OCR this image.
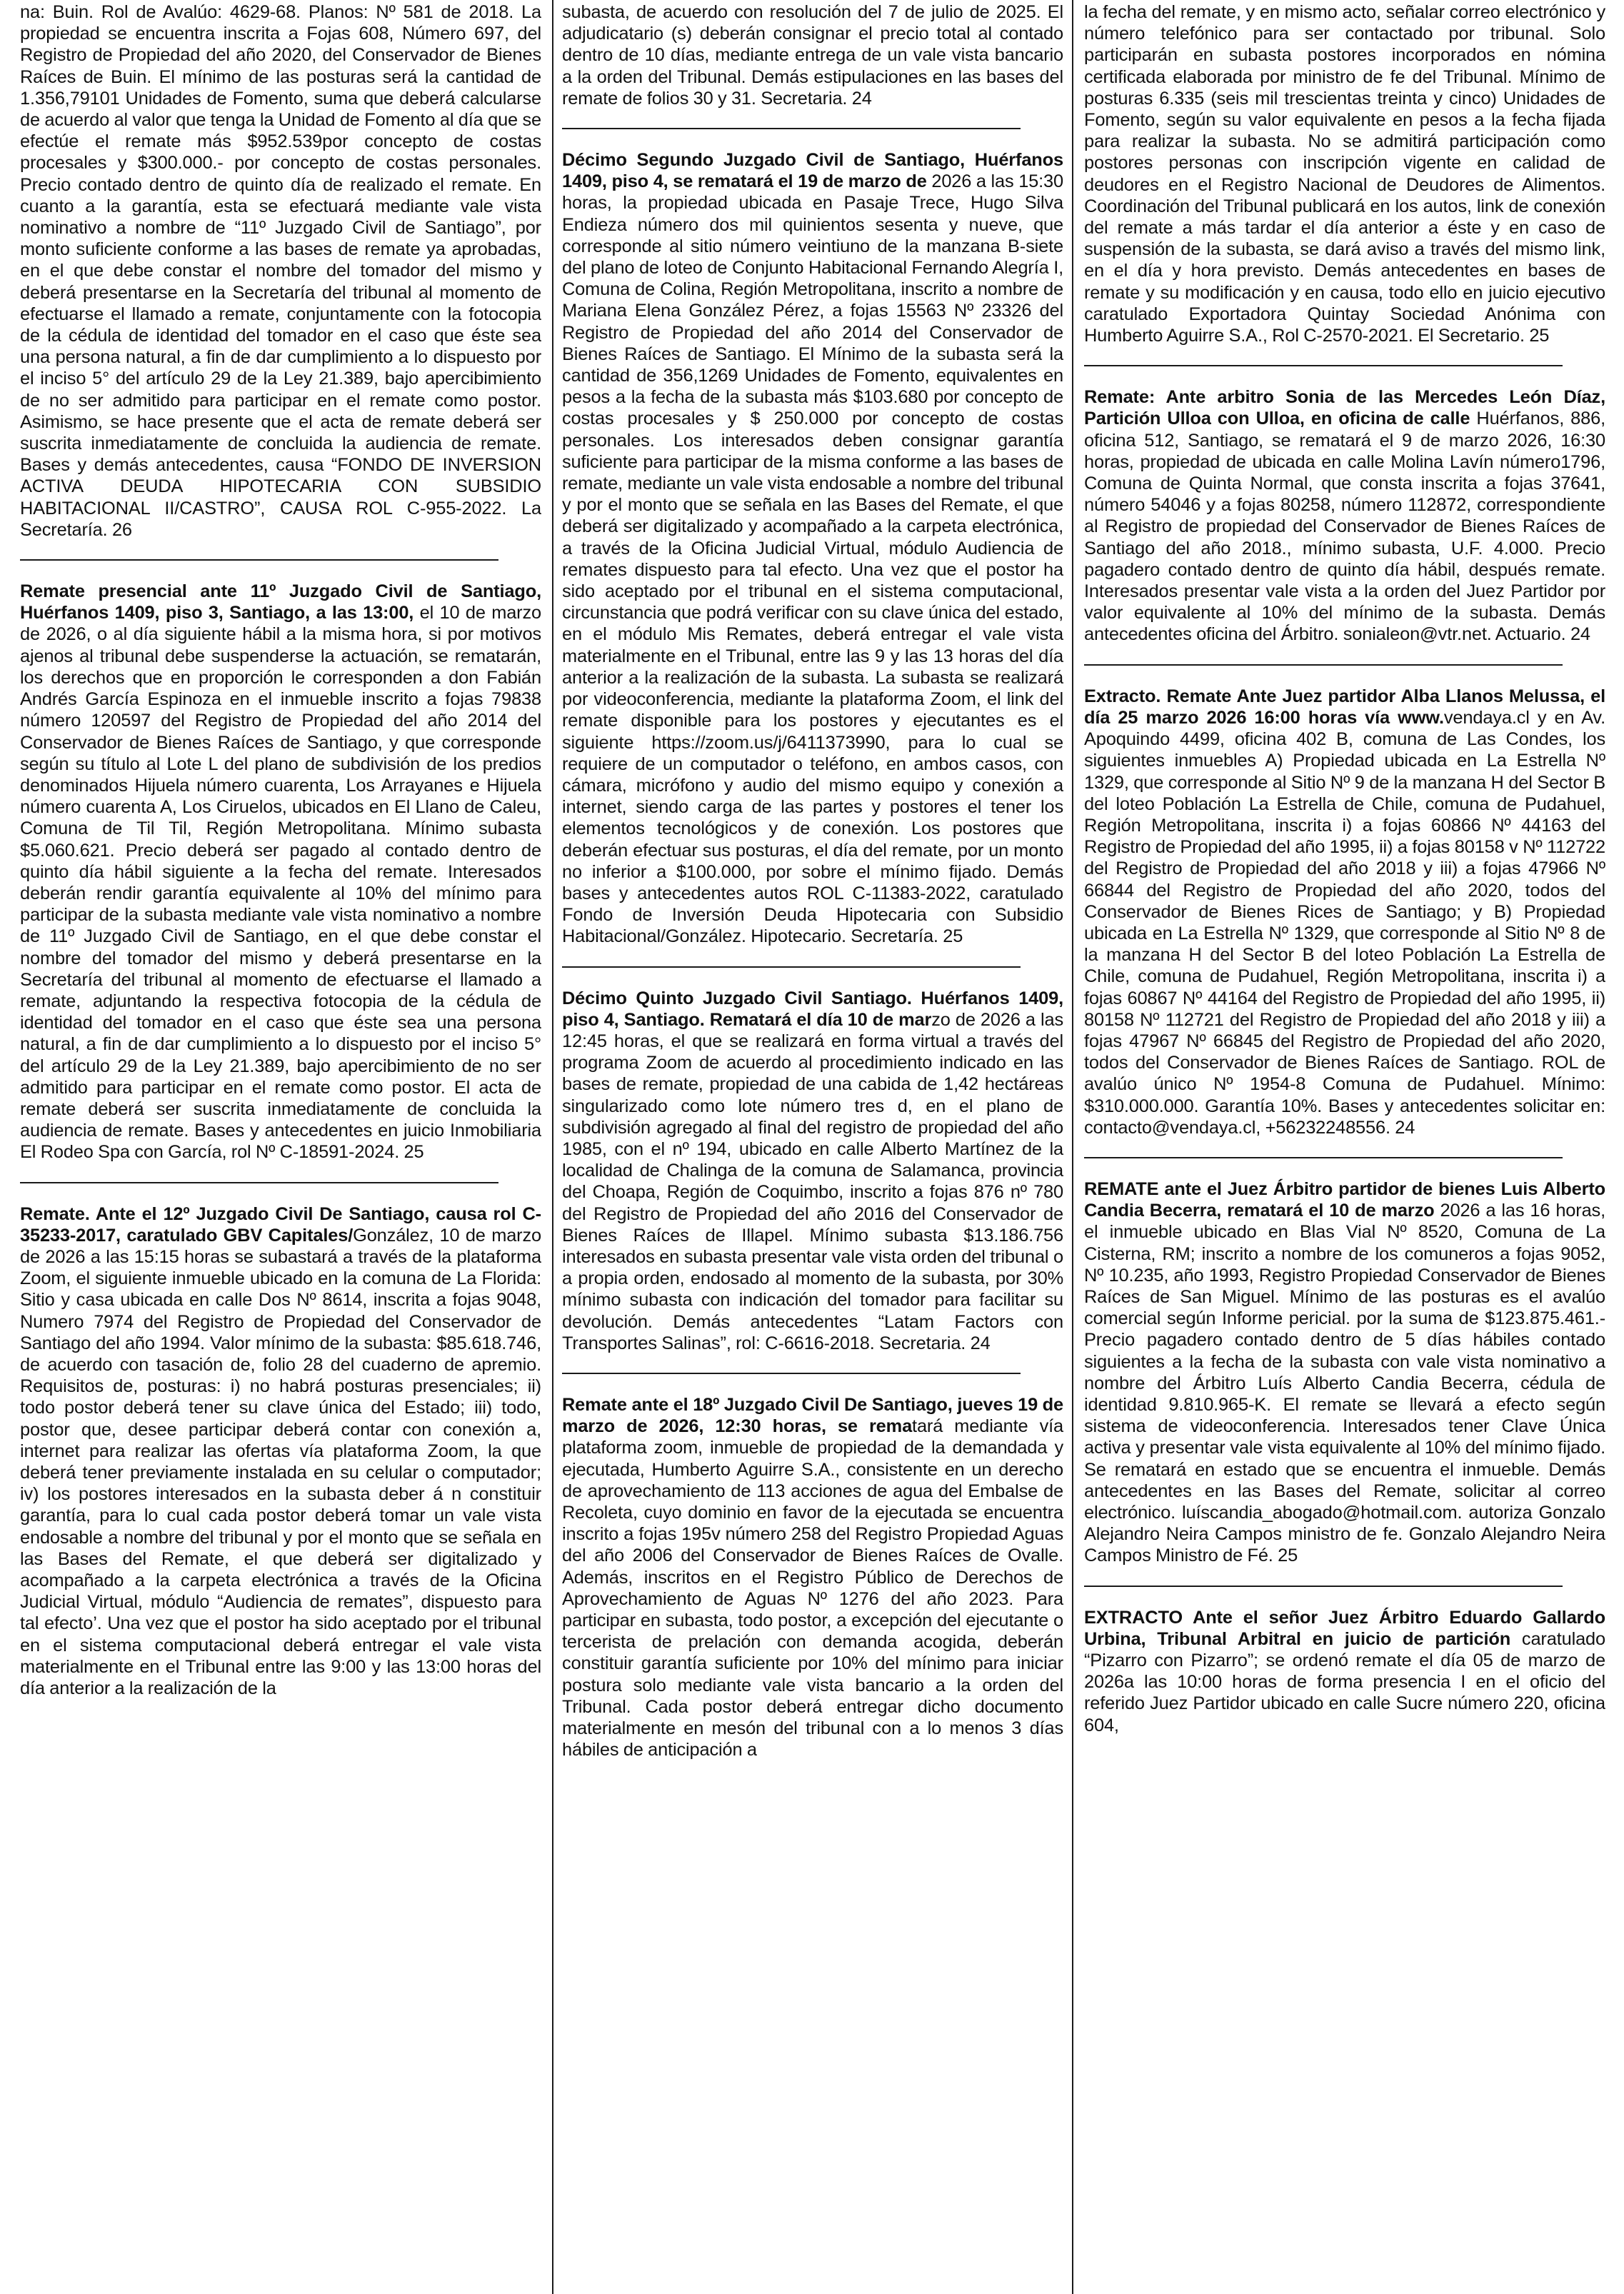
na: Buin. Rol de Avalúo: 4629-68. Planos: Nº 581 de 2018. La propiedad se encuentra inscrita a Fojas 608, Número 697, del Registro de Propiedad del año 2020, del Conservador de Bienes Raíces de Buin. El mínimo de las posturas será la cantidad de 1.356,79101 Unidades de Fomento, suma que deberá calcularse de acuerdo al valor que tenga la Unidad de Fomento al día que se efectúe el remate más $952.539por concepto de costas procesales y $300.000.- por concepto de costas personales. Precio contado dentro de quinto día de realizado el remate. En cuanto a la garantía, esta se efectuará mediante vale vista nominativo a nombre de “11º Juzgado Civil de Santiago”, por monto suficiente conforme a las bases de remate ya aprobadas, en el que debe constar el nombre del tomador del mismo y deberá presentarse en la Secretaría del tribunal al momento de efectuarse el llamado a remate, conjuntamente con la fotocopia de la cédula de identidad del tomador en el caso que éste sea una persona natural, a fin de dar cumplimiento a lo dispuesto por el inciso 5° del artículo 29 de la Ley 21.389, bajo apercibimiento de no ser admitido para participar en el remate como postor. Asimismo, se hace presente que el acta de remate deberá ser suscrita inmediatamente de concluida la audiencia de remate. Bases y demás antecedentes, causa “FONDO DE INVERSION ACTIVA DEUDA HIPOTECARIA CON SUBSIDIO HABITACIONAL II/CASTRO”, CAUSA ROL C-955-2022. La Secretaría. 26

Remate presencial ante 11º Juzgado Civil de Santiago, Huérfanos 1409, piso 3, Santiago, a las 13:00, el 10 de marzo de 2026, o al día siguiente hábil a la misma hora, si por motivos ajenos al tribunal debe suspenderse la actuación, se rematarán, los derechos que en proporción le corresponden a don Fabián Andrés García Espinoza en el inmueble inscrito a fojas 79838 número 120597 del Registro de Propiedad del año 2014 del Conservador de Bienes Raíces de Santiago, y que corresponde según su título al Lote L del plano de subdivisión de los predios denominados Hijuela número cuarenta, Los Arrayanes e Hijuela número cuarenta A, Los Ciruelos, ubicados en El Llano de Caleu, Comuna de Til Til, Región Metropolitana. Mínimo subasta $5.060.621. Precio deberá ser pagado al contado dentro de quinto día hábil siguiente a la fecha del remate. Interesados deberán rendir garantía equivalente al 10% del mínimo para participar de la subasta mediante vale vista nominativo a nombre de 11º Juzgado Civil de Santiago, en el que debe constar el nombre del tomador del mismo y deberá presentarse en la Secretaría del tribunal al momento de efectuarse el llamado a remate, adjuntando la respectiva fotocopia de la cédula de identidad del tomador en el caso que éste sea una persona natural, a fin de dar cumplimiento a lo dispuesto por el inciso 5° del artículo 29 de la Ley 21.389, bajo apercibimiento de no ser admitido para participar en el remate como postor. El acta de remate deberá ser suscrita inmediatamente de concluida la audiencia de remate. Bases y antecedentes en juicio Inmobiliaria El Rodeo Spa con García, rol Nº C-18591-2024. 25

Remate. Ante el 12º Juzgado Civil De Santiago, causa rol C-35233-2017, caratulado GBV Capitales/González, 10 de marzo de 2026 a las 15:15 horas se subastará a través de la plataforma Zoom, el siguiente inmueble ubicado en la comuna de La Florida: Sitio y casa ubicada en calle Dos Nº 8614, inscrita a fojas 9048, Numero 7974 del Registro de Propiedad del Conservador de Santiago del año 1994. Valor mínimo de la subasta: $85.618.746, de acuerdo con tasación de, folio 28 del cuaderno de apremio. Requisitos de, posturas: i) no habrá posturas presenciales; ii) todo postor deberá tener su clave única del Estado; iii) todo, postor que, desee participar deberá contar con conexión a, internet para realizar las ofertas vía plataforma Zoom, la que deberá tener previamente instalada en su celular o computador; iv) los postores interesados en la subasta deber á n constituir garantía, para lo cual cada postor deberá tomar un vale vista endosable a nombre del tribunal y por el monto que se señala en las Bases del Remate, el que deberá ser digitalizado y acompañado a la carpeta electrónica a través de la Oficina Judicial Virtual, módulo “Audiencia de remates”, dispuesto para tal efecto’. Una vez que el postor ha sido aceptado por el tribunal en el sistema computacional deberá entregar el vale vista materialmente en el Tribunal entre las 9:00 y las 13:00 horas del día anterior a la realización de la

subasta, de acuerdo con resolución del 7 de julio de 2025. El adjudicatario (s) deberán consignar el precio total al contado dentro de 10 días, mediante entrega de un vale vista bancario a la orden del Tribunal. Demás estipulaciones en las bases del remate de folios 30 y 31. Secretaria. 24

Décimo Segundo Juzgado Civil de Santiago, Huérfanos 1409, piso 4, se rematará el 19 de marzo de 2026 a las 15:30 horas, la propiedad ubicada en Pasaje Trece, Hugo Silva Endieza número dos mil quinientos sesenta y nueve, que corresponde al sitio número veintiuno de la manzana B-siete del plano de loteo de Conjunto Habitacional Fernando Alegría I, Comuna de Colina, Región Metropolitana, inscrito a nombre de Mariana Elena González Pérez, a fojas 15563 Nº 23326 del Registro de Propiedad del año 2014 del Conservador de Bienes Raíces de Santiago. El Mínimo de la subasta será la cantidad de 356,1269 Unidades de Fomento, equivalentes en pesos a la fecha de la subasta más $103.680 por concepto de costas procesales y $ 250.000 por concepto de costas personales. Los interesados deben consignar garantía suficiente para participar de la misma conforme a las bases de remate, mediante un vale vista endosable a nombre del tribunal y por el monto que se señala en las Bases del Remate, el que deberá ser digitalizado y acompañado a la carpeta electrónica, a través de la Oficina Judicial Virtual, módulo Audiencia de remates dispuesto para tal efecto. Una vez que el postor ha sido aceptado por el tribunal en el sistema computacional, circunstancia que podrá verificar con su clave única del estado, en el módulo Mis Remates, deberá entregar el vale vista materialmente en el Tribunal, entre las 9 y las 13 horas del día anterior a la realización de la subasta. La subasta se realizará por videoconferencia, mediante la plataforma Zoom, el link del remate disponible para los postores y ejecutantes es el siguiente https://zoom.us/j/6411373990, para lo cual se requiere de un computador o teléfono, en ambos casos, con cámara, micrófono y audio del mismo equipo y conexión a internet, siendo carga de las partes y postores el tener los elementos tecnológicos y de conexión. Los postores que deberán efectuar sus posturas, el día del remate, por un monto no inferior a $100.000, por sobre el mínimo fijado. Demás bases y antecedentes autos ROL C-11383-2022, caratulado Fondo de Inversión Deuda Hipotecaria con Subsidio Habitacional/González. Hipotecario. Secretaría. 25

Décimo Quinto Juzgado Civil Santiago. Huérfanos 1409, piso 4, Santiago. Rematará el día 10 de marzo de 2026 a las 12:45 horas, el que se realizará en forma virtual a través del programa Zoom de acuerdo al procedimiento indicado en las bases de remate, propiedad de una cabida de 1,42 hectáreas singularizado como lote número tres d, en el plano de subdivisión agregado al final del registro de propiedad del año 1985, con el nº 194, ubicado en calle Alberto Martínez de la localidad de Chalinga de la comuna de Salamanca, provincia del Choapa, Región de Coquimbo, inscrito a fojas 876 nº 780 del Registro de Propiedad del año 2016 del Conservador de Bienes Raíces de Illapel. Mínimo subasta $13.186.756 interesados en subasta presentar vale vista orden del tribunal o a propia orden, endosado al momento de la subasta, por 30% mínimo subasta con indicación del tomador para facilitar su devolución. Demás antecedentes “Latam Factors con Transportes Salinas”, rol: C-6616-2018. Secretaria. 24

Remate ante el 18º Juzgado Civil De Santiago, jueves 19 de marzo de 2026, 12:30 horas, se rematará mediante vía plataforma zoom, inmueble de propiedad de la demandada y ejecutada, Humberto Aguirre S.A., consistente en un derecho de aprovechamiento de 113 acciones de agua del Embalse de Recoleta, cuyo dominio en favor de la ejecutada se encuentra inscrito a fojas 195v número 258 del Registro Propiedad Aguas del año 2006 del Conservador de Bienes Raíces de Ovalle. Además, inscritos en el Registro Público de Derechos de Aprovechamiento de Aguas Nº 1276 del año 2023. Para participar en subasta, todo postor, a excepción del ejecutante o tercerista de prelación con demanda acogida, deberán constituir garantía suficiente por 10% del mínimo para iniciar postura solo mediante vale vista bancario a la orden del Tribunal. Cada postor deberá entregar dicho documento materialmente en mesón del tribunal con a lo menos 3 días hábiles de anticipación a

la fecha del remate, y en mismo acto, señalar correo electrónico y número telefónico para ser contactado por tribunal. Solo participarán en subasta postores incorporados en nómina certificada elaborada por ministro de fe del Tribunal. Mínimo de posturas 6.335 (seis mil trescientas treinta y cinco) Unidades de Fomento, según su valor equivalente en pesos a la fecha fijada para realizar la subasta. No se admitirá participación como postores personas con inscripción vigente en calidad de deudores en el Registro Nacional de Deudores de Alimentos. Coordinación del Tribunal publicará en los autos, link de conexión del remate a más tardar el día anterior a éste y en caso de suspensión de la subasta, se dará aviso a través del mismo link, en el día y hora previsto. Demás antecedentes en bases de remate y su modificación y en causa, todo ello en juicio ejecutivo caratulado Exportadora Quintay Sociedad Anónima con Humberto Aguirre S.A., Rol C-2570-2021. El Secretario. 25

Remate: Ante arbitro Sonia de las Mercedes León Díaz, Partición Ulloa con Ulloa, en oficina de calle Huérfanos, 886, oficina 512, Santiago, se rematará el 9 de marzo 2026, 16:30 horas, propiedad de ubicada en calle Molina Lavín número1796, Comuna de Quinta Normal, que consta inscrita a fojas 37641, número 54046 y a fojas 80258, número 112872, correspondiente al Registro de propiedad del Conservador de Bienes Raíces de Santiago del año 2018., mínimo subasta, U.F. 4.000. Precio pagadero contado dentro de quinto día hábil, después remate. Interesados presentar vale vista a la orden del Juez Partidor por valor equivalente al 10% del mínimo de la subasta. Demás antecedentes oficina del Árbitro. sonialeon@vtr.net. Actuario. 24

Extracto. Remate Ante Juez partidor Alba Llanos Melussa, el día 25 marzo 2026 16:00 horas vía www.vendaya.cl y en Av. Apoquindo 4499, oficina 402 B, comuna de Las Condes, los siguientes inmuebles A) Propiedad ubicada en La Estrella Nº 1329, que corresponde al Sitio Nº 9 de la manzana H del Sector B del loteo Población La Estrella de Chile, comuna de Pudahuel, Región Metropolitana, inscrita i) a fojas 60866 Nº 44163 del Registro de Propiedad del año 1995, ii) a fojas 80158 v Nº 112722 del Registro de Propiedad del año 2018 y iii) a fojas 47966 Nº 66844 del Registro de Propiedad del año 2020, todos del Conservador de Bienes Rices de Santiago; y B) Propiedad ubicada en La Estrella Nº 1329, que corresponde al Sitio Nº 8 de la manzana H del Sector B del loteo Población La Estrella de Chile, comuna de Pudahuel, Región Metropolitana, inscrita i) a fojas 60867 Nº 44164 del Registro de Propiedad del año 1995, ii) 80158 Nº 112721 del Registro de Propiedad del año 2018 y iii) a fojas 47967 Nº 66845 del Registro de Propiedad del año 2020, todos del Conservador de Bienes Raíces de Santiago. ROL de avalúo único Nº 1954-8 Comuna de Pudahuel. Mínimo: $310.000.000. Garantía 10%. Bases y antecedentes solicitar en: contacto@vendaya.cl, +56232248556. 24

REMATE ante el Juez Árbitro partidor de bienes Luis Alberto Candia Becerra, rematará el 10 de marzo 2026 a las 16 horas, el inmueble ubicado en Blas Vial Nº 8520, Comuna de La Cisterna, RM; inscrito a nombre de los comuneros a fojas 9052, Nº 10.235, año 1993, Registro Propiedad Conservador de Bienes Raíces de San Miguel. Mínimo de las posturas es el avalúo comercial según Informe pericial. por la suma de $123.875.461.- Precio pagadero contado dentro de 5 días hábiles contado siguientes a la fecha de la subasta con vale vista nominativo a nombre del Árbitro Luís Alberto Candia Becerra, cédula de identidad 9.810.965-K. El remate se llevará a efecto según sistema de videoconferencia. Interesados tener Clave Única activa y presentar vale vista equivalente al 10% del mínimo fijado. Se rematará en estado que se encuentra el inmueble. Demás antecedentes en las Bases del Remate, solicitar al correo electrónico. luíscandia_abogado@hotmail.com. autoriza Gonzalo Alejandro Neira Campos ministro de fe. Gonzalo Alejandro Neira Campos Ministro de Fé. 25

EXTRACTO Ante el señor Juez Árbitro Eduardo Gallardo Urbina, Tribunal Arbitral en juicio de partición caratulado “Pizarro con Pizarro”; se ordenó remate el día 05 de marzo de 2026a las 10:00 horas de forma presencia I en el oficio del referido Juez Partidor ubicado en calle Sucre número 220, oficina 604,
